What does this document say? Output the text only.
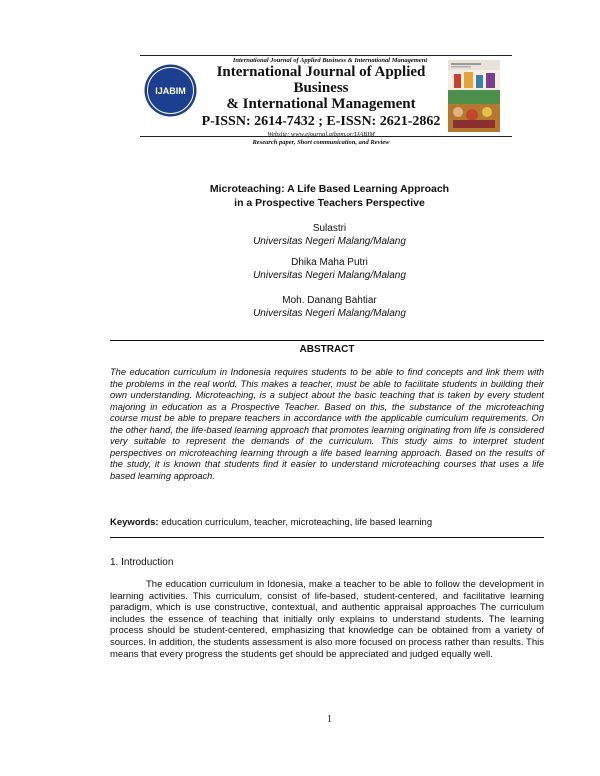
International Journal of Applied Business & International Management
IJABIM
International Journal of Applied Business
& International Management
P-ISSN: 2614-7432 ; E-ISSN: 2621-2862
Website: www.ejournal.aibpm.or/IJABIM
Research paper, Short communication, and Review
Microteaching: A Life Based Learning Approach
in a Prospective Teachers Perspective
Sulastri
Universitas Negeri Malang/Malang
Dhika Maha Putri
Universitas Negeri Malang/Malang
Moh. Danang Bahtiar
Universitas Negeri Malang/Malang
ABSTRACT
The education curriculum in Indonesia requires students to be able to find concepts and link them with the problems in the real world. This makes a teacher, must be able to facilitate students in building their own understanding. Microteaching, is a subject about the basic teaching that is taken by every student majoring in education as a Prospective Teacher. Based on this, the substance of the microteaching course must be able to prepare teachers in accordance with the applicable curriculum requirements. On the other hand, the life-based learning approach that promotes learning originating from life is considered very suitable to represent the demands of the curriculum. This study aims to interpret student perspectives on microteaching learning through a life based learning approach. Based on the results of the study, it is known that students find it easier to understand microteaching courses that uses a life based learning approach.
Keywords: education curriculum, teacher, microteaching, life based learning
1. Introduction
The education curriculum in Idonesia, make a teacher to be able to follow the development in learning activities. This curriculum, consist of life-based, student-centered, and facilitative learning paradigm, which is use constructive, contextual, and authentic appraisal approaches The curriculum includes the essence of teaching that initially only explains to understand students. The learning process should be student-centered, emphasizing that knowledge can be obtained from a variety of sources. In addition, the students assessment is also more focused on process rather than results. This means that every progress the students get should be appreciated and judged equally well.
1
